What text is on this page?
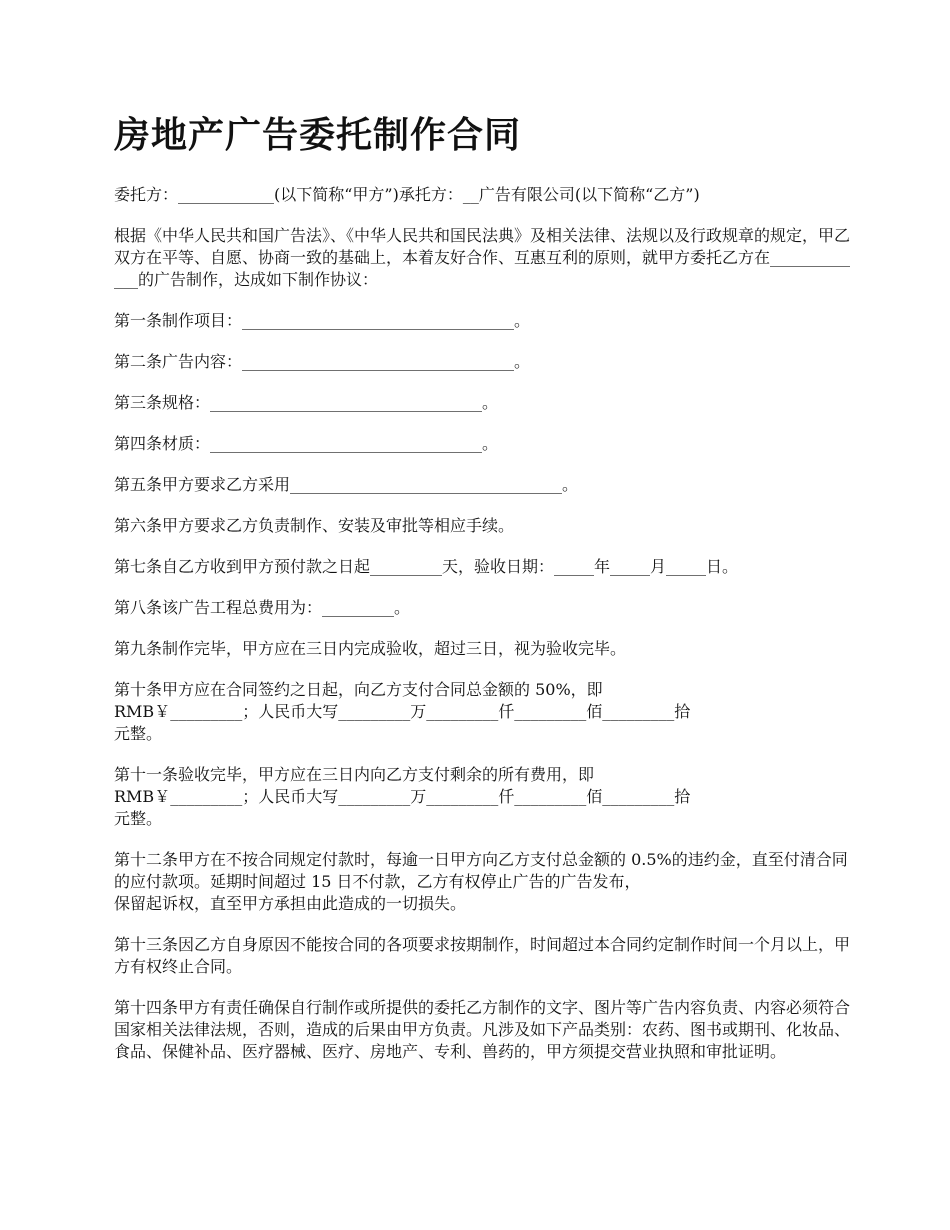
房地产广告委托制作合同

委托方：____________(以下简称“甲方”)承托方：__广告有限公司(以下简称“乙方”)

根据《中华人民共和国广告法》、《中华人民共和国民法典》及相关法律、法规以及行政规章的规定，甲乙双方在平等、自愿、协商一致的基础上，本着友好合作、互惠互利的原则，就甲方委托乙方在_____________的广告制作，达成如下制作协议：

第一条制作项目：__________________________________。

第二条广告内容：__________________________________。

第三条规格：__________________________________。

第四条材质：__________________________________。

第五条甲方要求乙方采用__________________________________。

第六条甲方要求乙方负责制作、安装及审批等相应手续。

第七条自乙方收到甲方预付款之日起_________天，验收日期：_____年_____月_____日。

第八条该广告工程总费用为：_________。

第九条制作完毕，甲方应在三日内完成验收，超过三日，视为验收完毕。

第十条甲方应在合同签约之日起，向乙方支付合同总金额的 50%，即
RMB￥_________；人民币大写_________万_________仟_________佰_________拾
元整。

第十一条验收完毕，甲方应在三日内向乙方支付剩余的所有费用，即
RMB￥_________；人民币大写_________万_________仟_________佰_________拾
元整。

第十二条甲方在不按合同规定付款时，每逾一日甲方向乙方支付总金额的 0.5%的违约金，直至付清合同的应付款项。延期时间超过 15 日不付款，乙方有权停止广告的广告发布，
保留起诉权，直至甲方承担由此造成的一切损失。

第十三条因乙方自身原因不能按合同的各项要求按期制作，时间超过本合同约定制作时间一个月以上，甲方有权终止合同。

第十四条甲方有责任确保自行制作或所提供的委托乙方制作的文字、图片等广告内容负责、内容必须符合国家相关法律法规，否则，造成的后果由甲方负责。凡涉及如下产品类别：农药、图书或期刊、化妆品、食品、保健补品、医疗器械、医疗、房地产、专利、兽药的，甲方须提交营业执照和审批证明。
